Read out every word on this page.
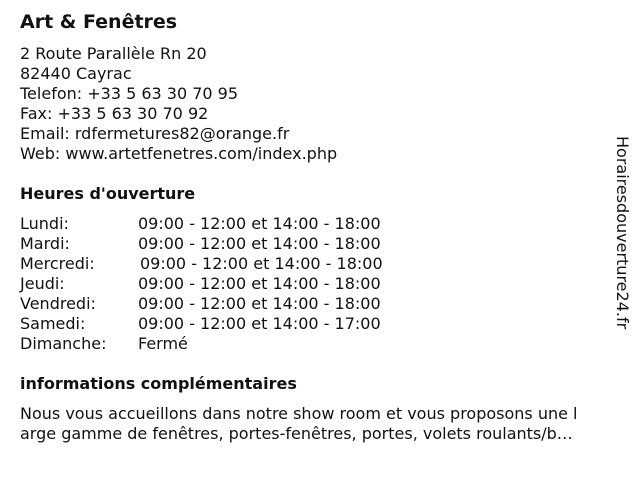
Art & Fenêtres
2 Route Parallèle Rn 20
82440 Cayrac
Telefon: +33 5 63 30 70 95
Fax: +33 5 63 30 70 92
Email: rdfermetures82@orange.fr
Web: www.artetfenetres.com/index.php
Heures d'ouverture
Lundi:	09:00 - 12:00 et 14:00 - 18:00
Mardi:	09:00 - 12:00 et 14:00 - 18:00
Mercredi:	09:00 - 12:00 et 14:00 - 18:00
Jeudi:	09:00 - 12:00 et 14:00 - 18:00
Vendredi:	09:00 - 12:00 et 14:00 - 18:00
Samedi:	09:00 - 12:00 et 14:00 - 17:00
Dimanche: Fermé
informations complémentaires
Nous vous accueillons dans notre show room et vous proposons une l
arge gamme de fenêtres, portes-fenêtres, portes, volets roulants/b…
Horairesdouverture24.fr
